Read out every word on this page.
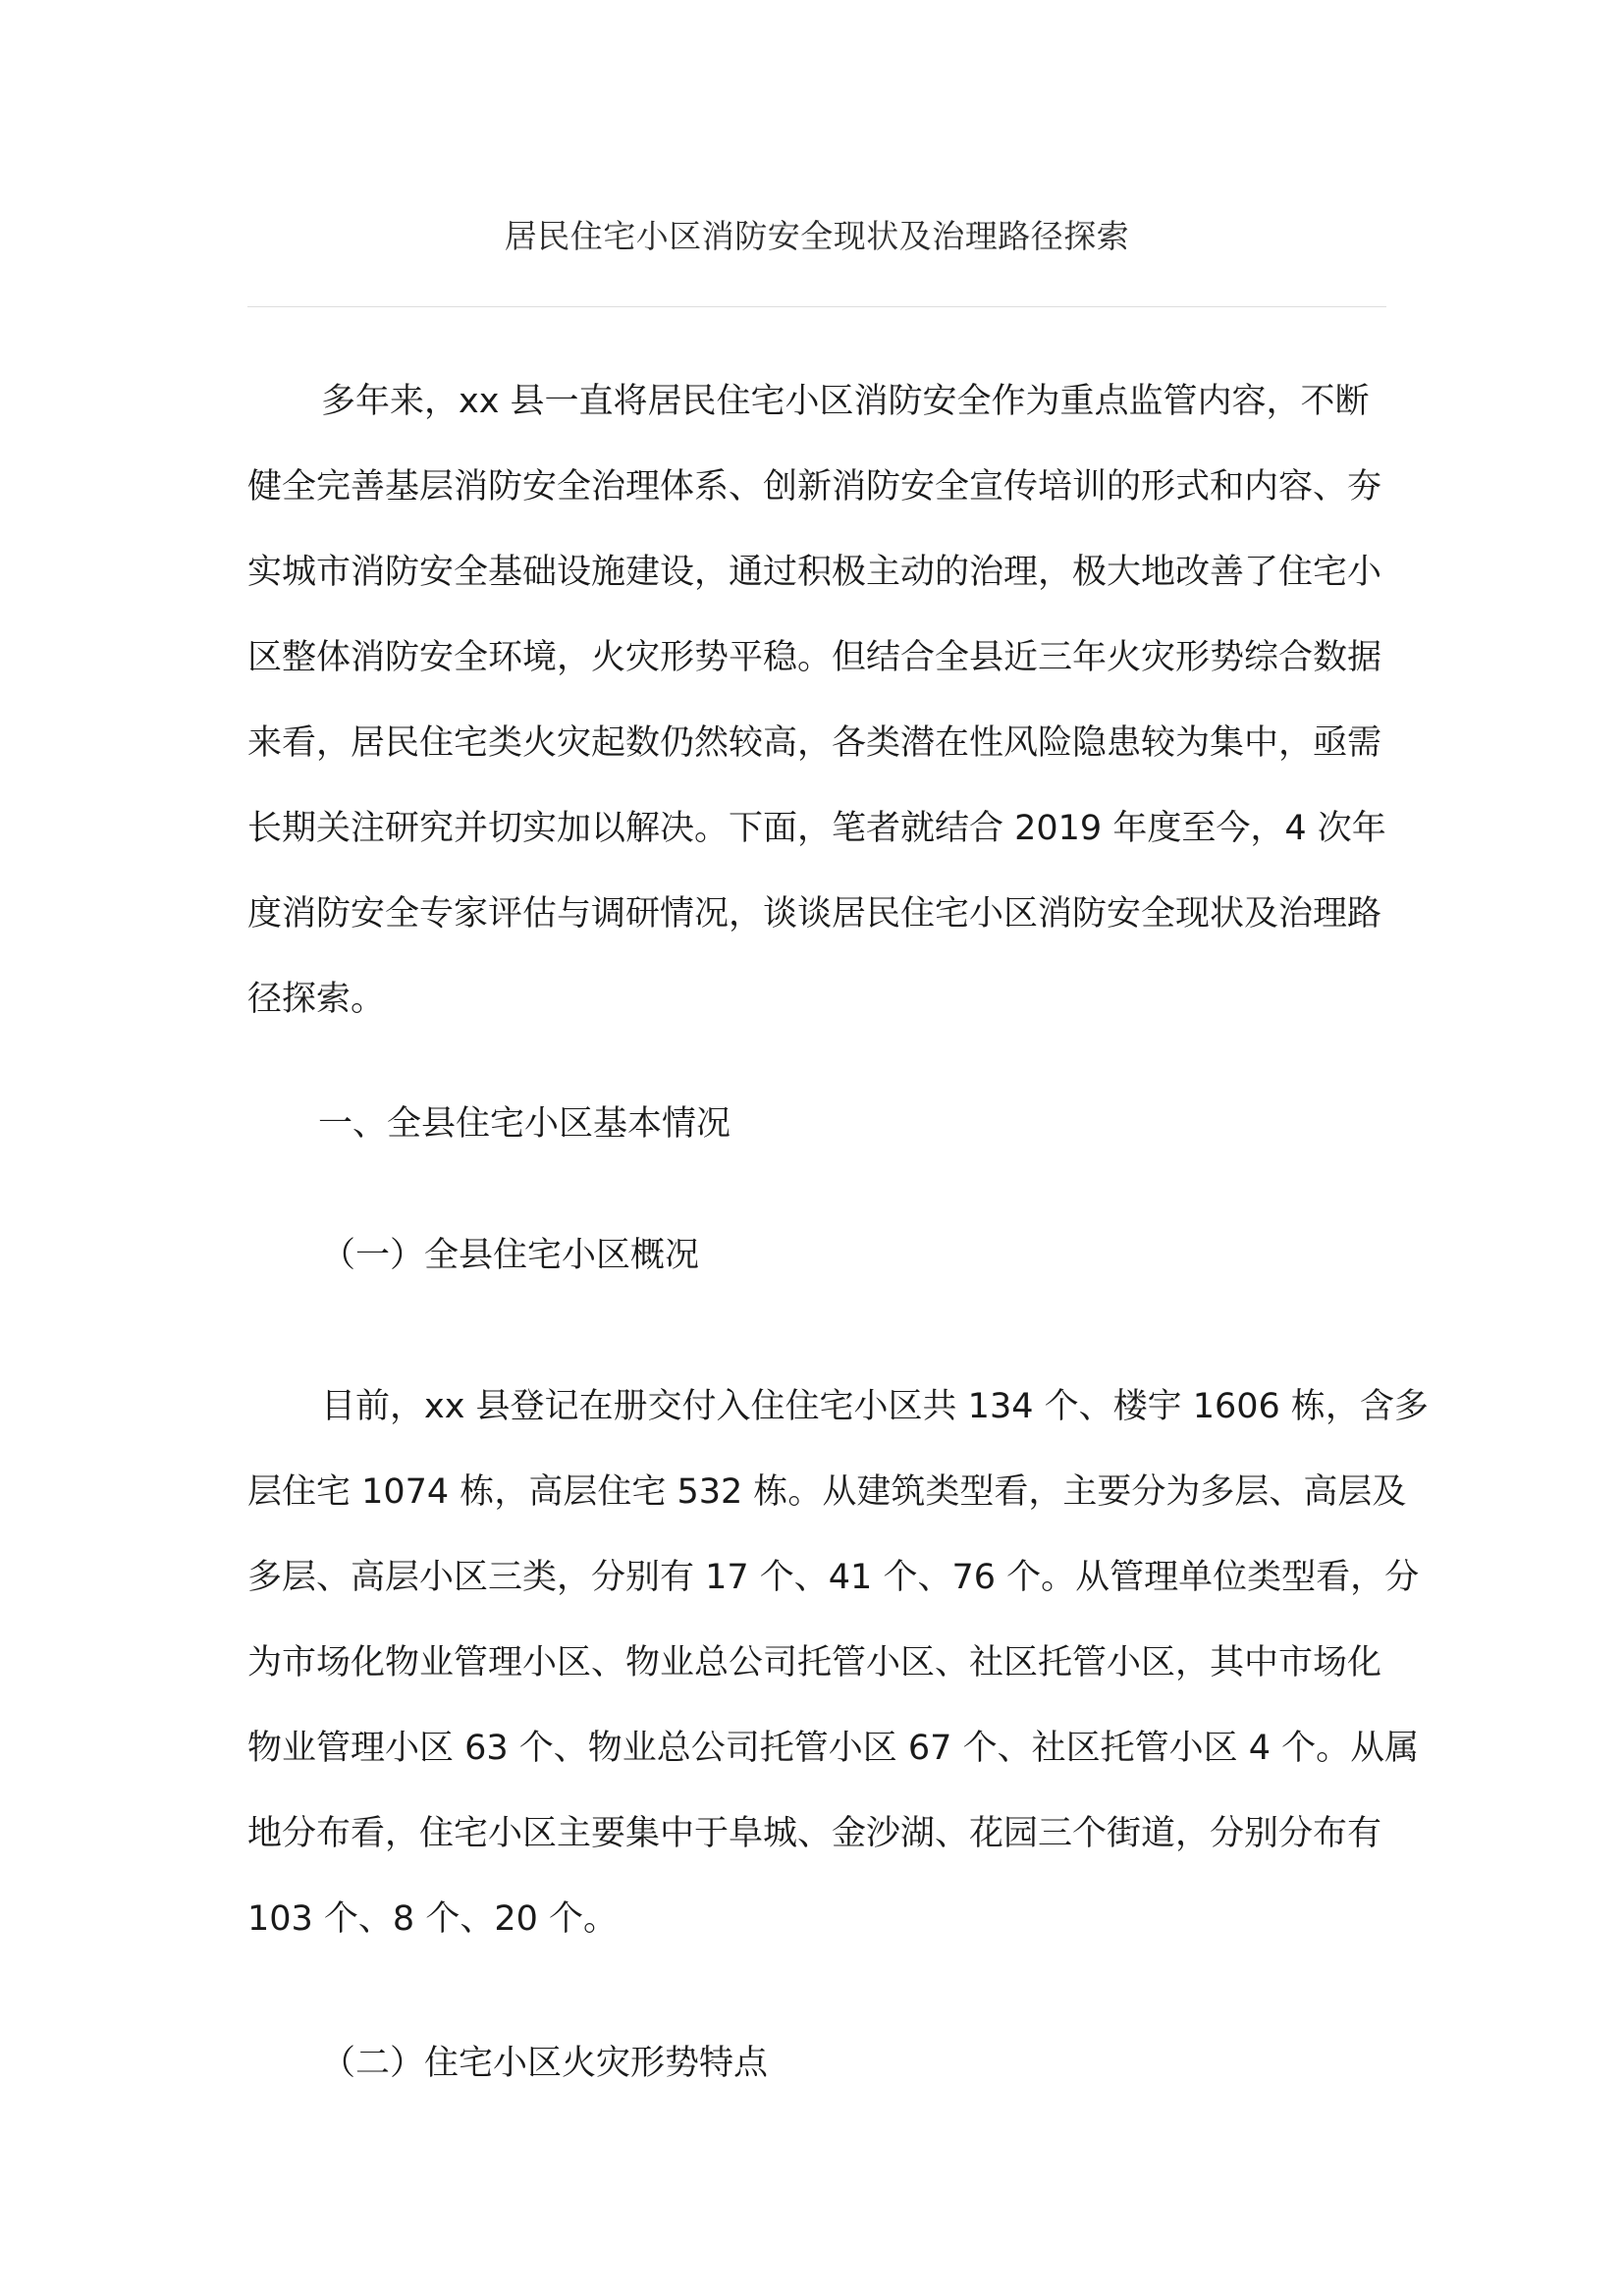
居民住宅小区消防安全现状及治理路径探索
多年来，xx 县一直将居民住宅小区消防安全作为重点监管内容，不断
健全完善基层消防安全治理体系、创新消防安全宣传培训的形式和内容、夯
实城市消防安全基础设施建设，通过积极主动的治理，极大地改善了住宅小
区整体消防安全环境，火灾形势平稳。但结合全县近三年火灾形势综合数据
来看，居民住宅类火灾起数仍然较高，各类潜在性风险隐患较为集中，亟需
长期关注研究并切实加以解决。下面，笔者就结合 2019 年度至今，4 次年
度消防安全专家评估与调研情况，谈谈居民住宅小区消防安全现状及治理路
径探索。
一、全县住宅小区基本情况
（一）全县住宅小区概况
目前，xx 县登记在册交付入住住宅小区共 134 个、楼宇 1606 栋，含多
层住宅 1074 栋，高层住宅 532 栋。从建筑类型看，主要分为多层、高层及
多层、高层小区三类，分别有 17 个、41 个、76 个。从管理单位类型看，分
为市场化物业管理小区、物业总公司托管小区、社区托管小区，其中市场化
物业管理小区 63 个、物业总公司托管小区 67 个、社区托管小区 4 个。从属
地分布看，住宅小区主要集中于阜城、金沙湖、花园三个街道，分别分布有
103 个、8 个、20 个。
（二）住宅小区火灾形势特点
